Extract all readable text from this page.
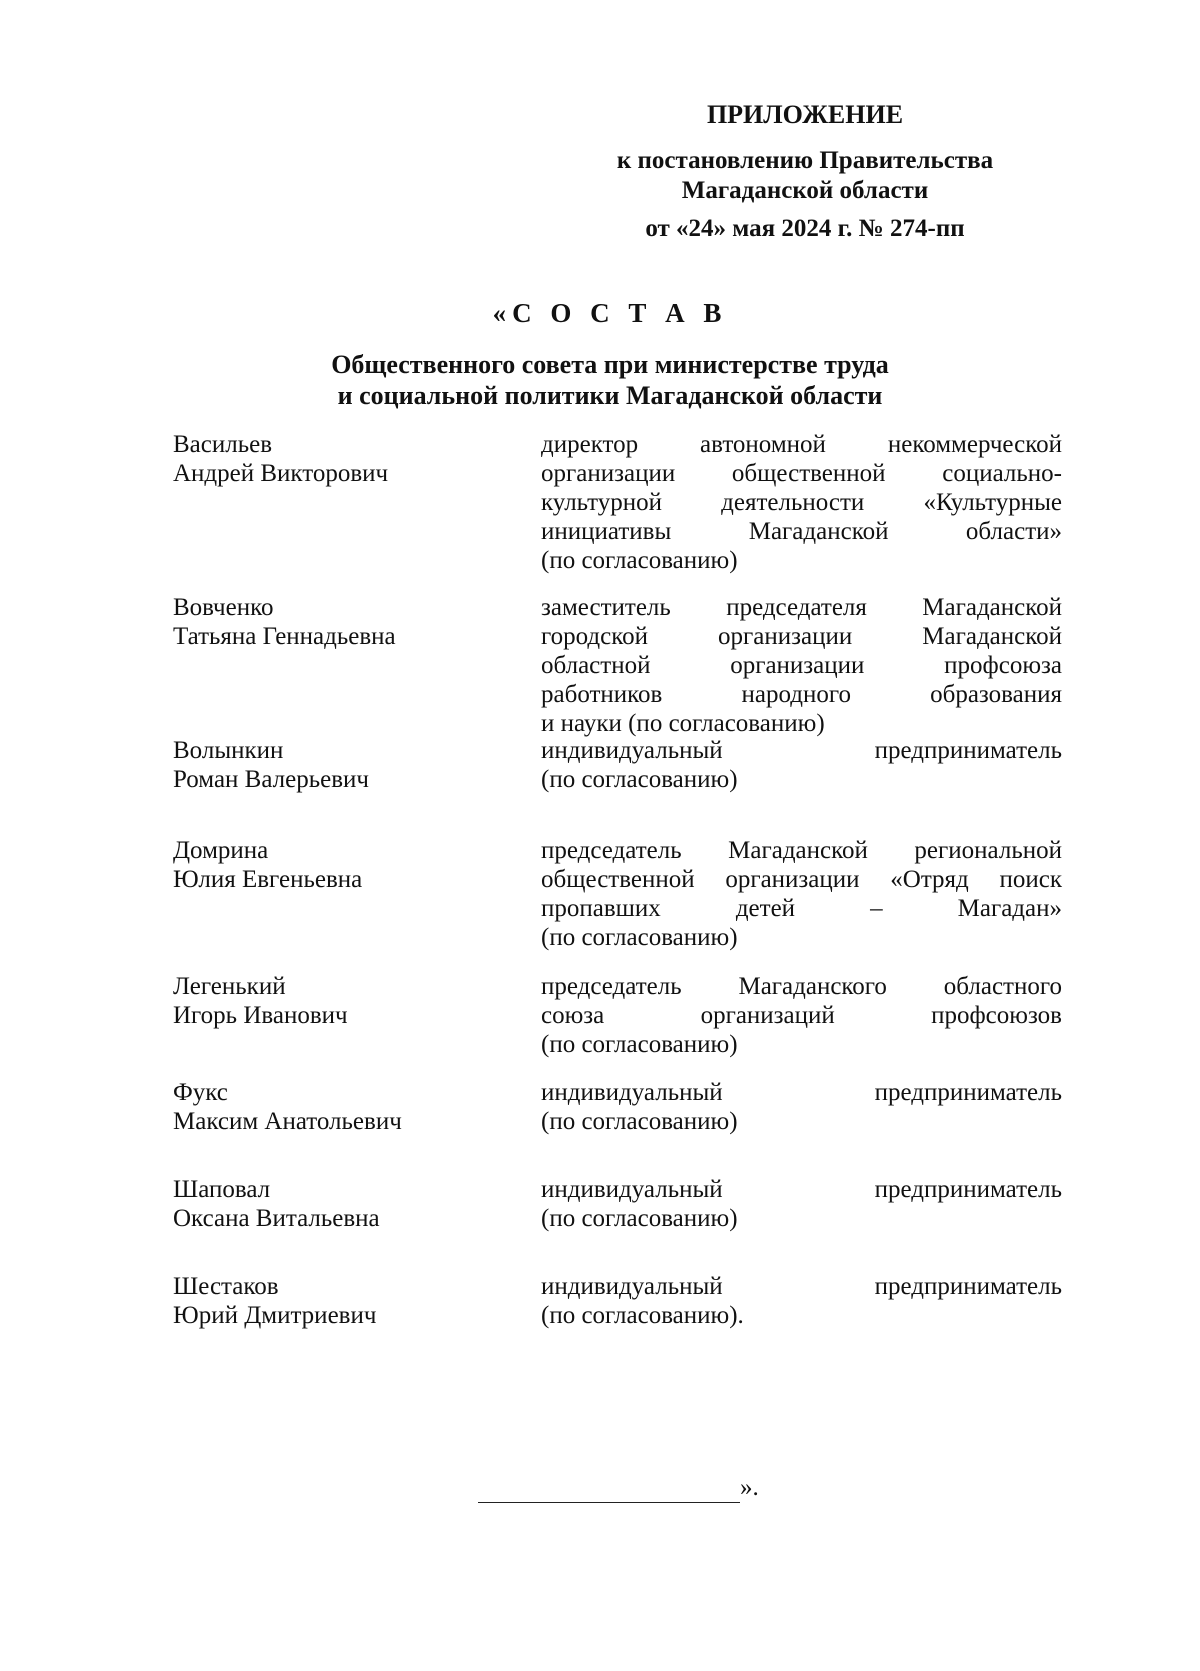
ПРИЛОЖЕНИЕ
к постановлению Правительства
Магаданской области
от «24» мая 2024 г. № 274-пп
«С О С Т А В
Общественного совета при министерстве труда
и социальной политики Магаданской области
Васильев
Андрей Викторович
директор автономной некоммерческой
организации общественной социально-
культурной деятельности «Культурные
инициативы Магаданской области»
(по согласованию)
Вовченко
Татьяна Геннадьевна
заместитель председателя Магаданской
городской организации Магаданской
областной организации профсоюза
работников народного образования
и науки (по согласованию)
Волынкин
Роман Валерьевич
индивидуальный предприниматель
(по согласованию)
Домрина
Юлия Евгеньевна
председатель Магаданской региональной
общественной организации «Отряд поиск
пропавших детей – Магадан»
(по согласованию)
Легенький
Игорь Иванович
председатель Магаданского областного
союза организаций профсоюзов
(по согласованию)
Фукс
Максим Анатольевич
индивидуальный предприниматель
(по согласованию)
Шаповал
Оксана Витальевна
индивидуальный предприниматель
(по согласованию)
Шестаков
Юрий Дмитриевич
индивидуальный предприниматель
(по согласованию).
».
